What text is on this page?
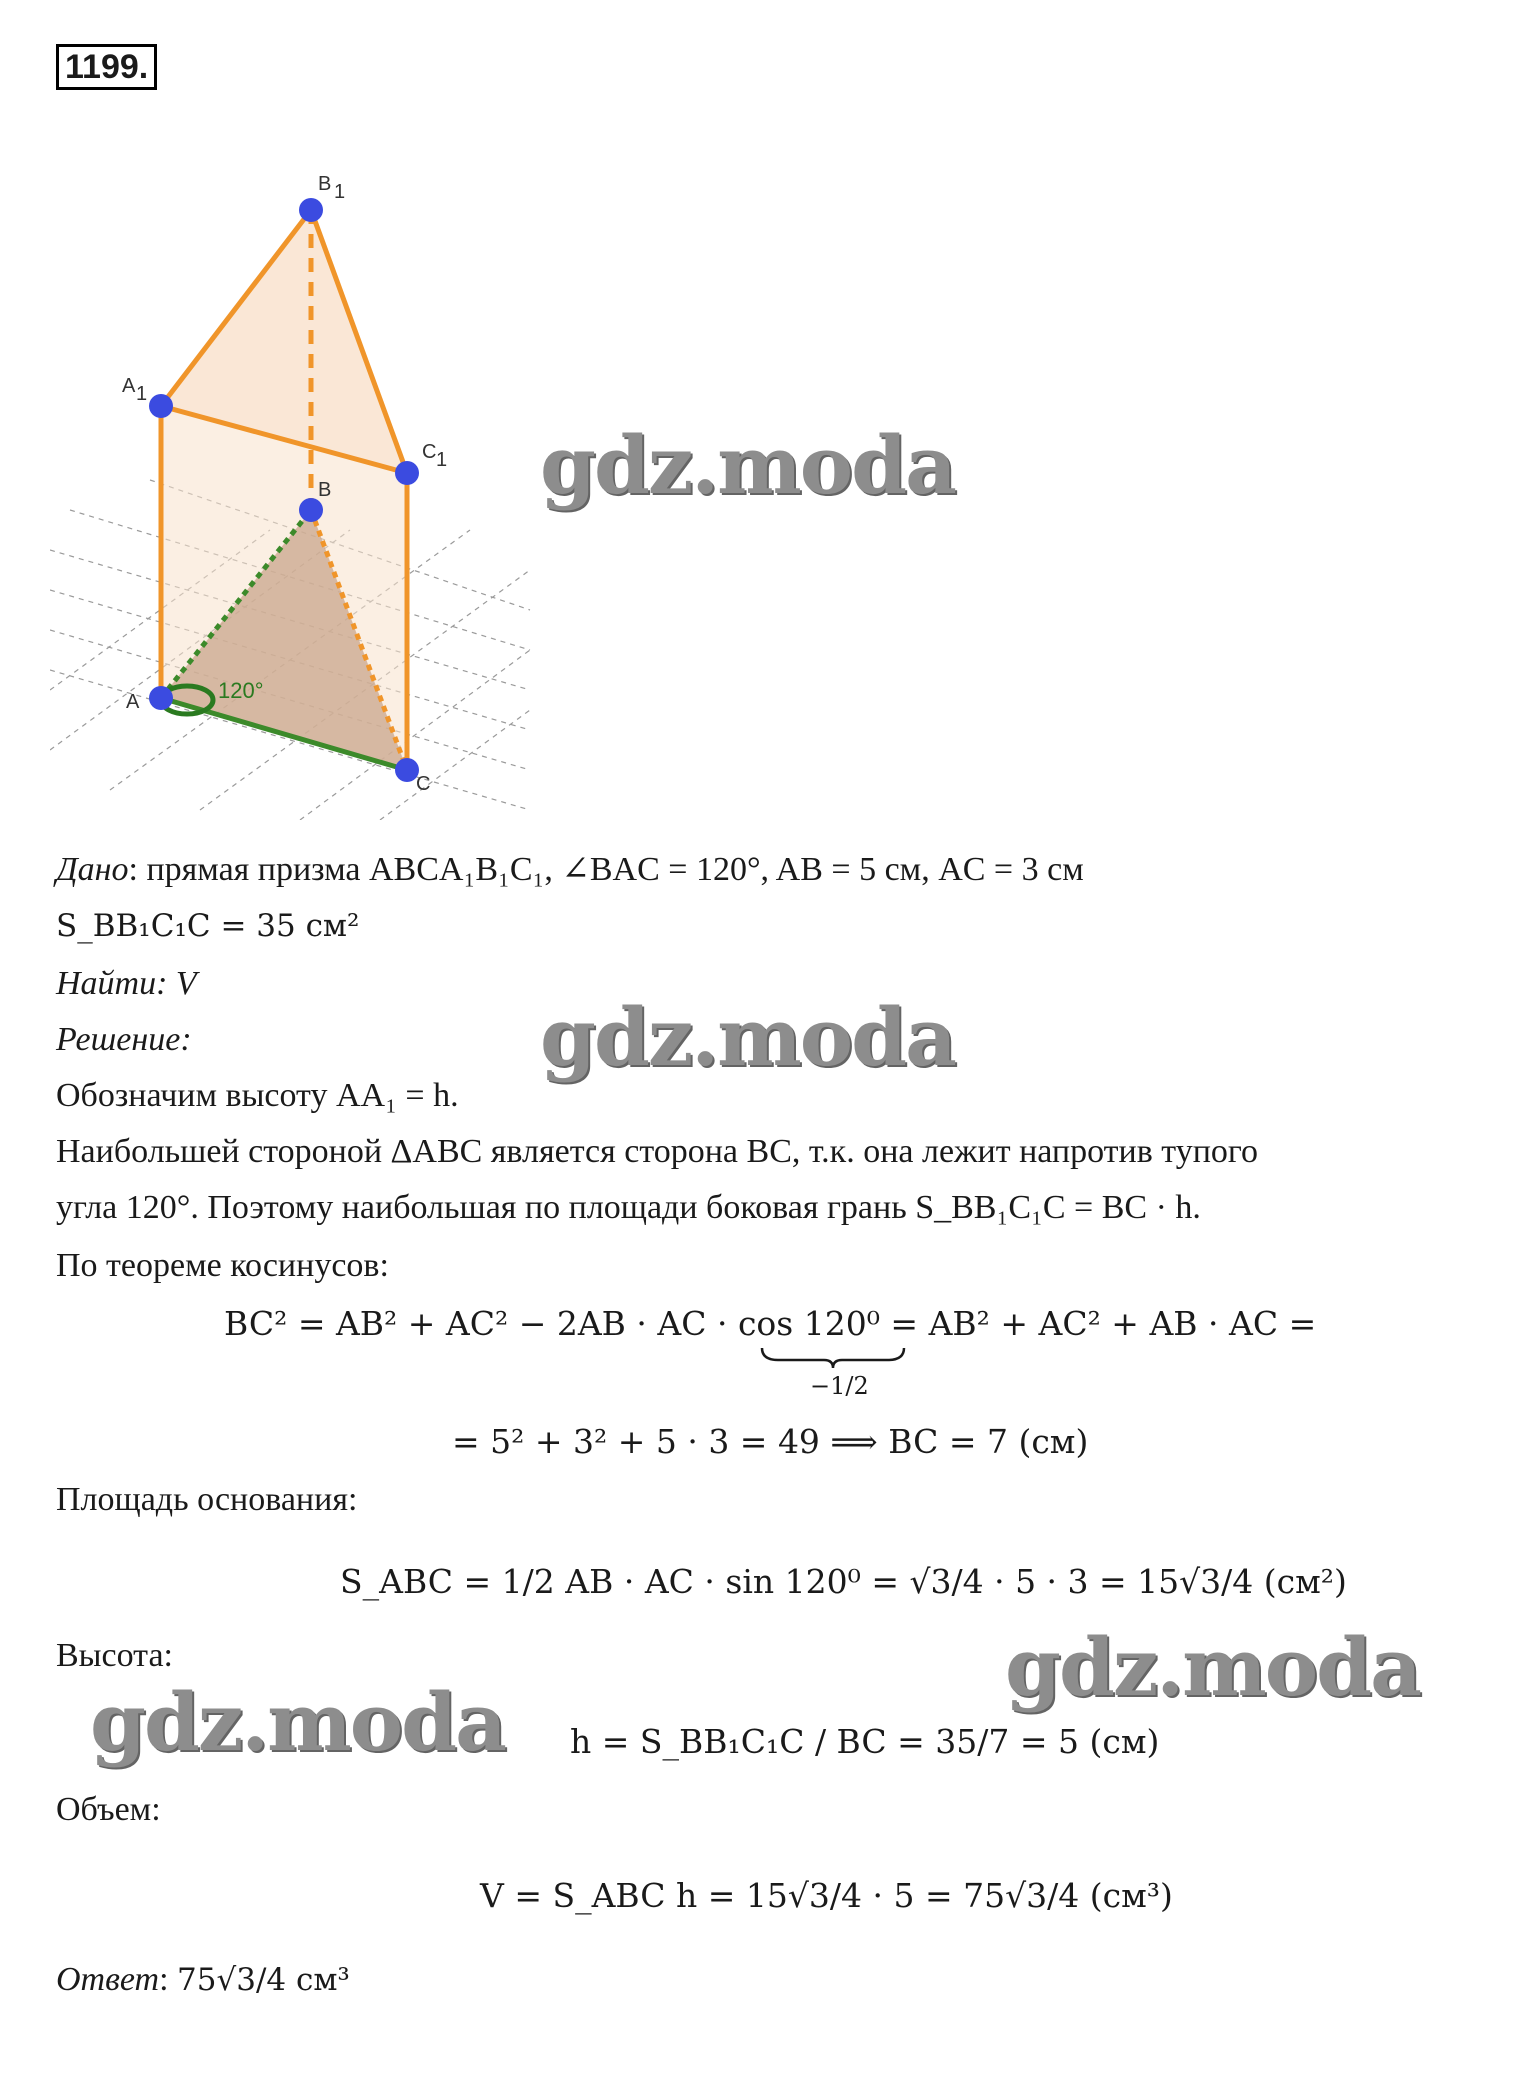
1199.
B 1
A 1
C 1
B
A
C
120°
gdz.moda
gdz.moda
gdz.moda
gdz.moda
Дано: прямая призма ABCA₁B₁C₁, ∠BAC = 120°, AB = 5 см, AC = 3 см
S_BB₁C₁C = 35 см²
Найти: V
Решение:
Обозначим высоту AA₁ = h.
Наибольшей стороной ΔABC является сторона BC, т.к. она лежит напротив тупого
угла 120°. Поэтому наибольшая по площади боковая грань S_BB₁C₁C = BC · h.
По теореме косинусов:
BC² = AB² + AC² − 2AB · AC · cos 120⁰ = AB² + AC² + AB · AC =
−1/2
= 5² + 3² + 5 · 3 = 49 ⟹ BC = 7 (см)
Площадь основания:
S_ABC = 1/2 AB · AC · sin 120⁰ = √3/4 · 5 · 3 = 15√3/4 (см²)
Высота:
h = S_BB₁C₁C / BC = 35/7 = 5 (см)
Объем:
V = S_ABC h = 15√3/4 · 5 = 75√3/4 (см³)
Ответ: 75√3/4 см³
